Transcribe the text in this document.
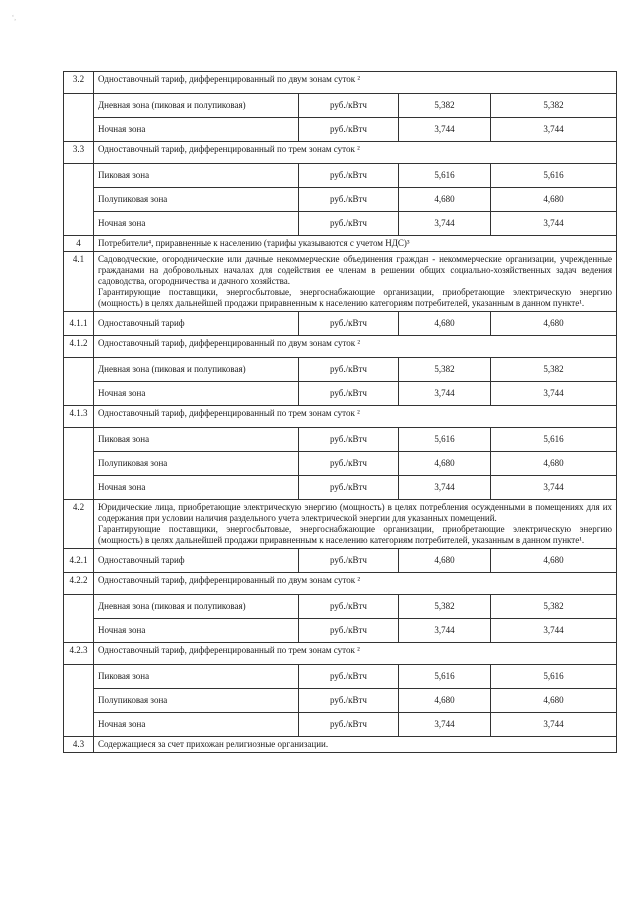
ʻ¸
3.2	Одноставочный тариф, дифференцированный по двум зонам суток ²			
	Дневная зона (пиковая и полупиковая)	руб./кВтч	5,382	5,382
	Ночная зона	руб./кВтч	3,744	3,744
3.3	Одноставочный тариф, дифференцированный по трем зонам суток ²			
	Пиковая зона	руб./кВтч	5,616	5,616
	Полупиковая зона	руб./кВтч	4,680	4,680
	Ночная зона	руб./кВтч	3,744	3,744
4	Потребители⁴, приравненные к населению (тарифы указываются с учетом НДС)³			
4.1	Садоводческие, огороднические или дачные некоммерческие объединения граждан - некоммерческие организации, учрежденные гражданами на добровольных началах для содействия ее членам в решении общих социально-хозяйственных задач ведения садоводства, огородничества и дачного хозяйства.
Гарантирующие поставщики, энергосбытовые, энергоснабжающие организации, приобретающие электрическую энергию (мощность) в целях дальнейшей продажи приравненным к населению категориям потребителей, указанным в данном пункте¹.			
4.1.1	Одноставочный тариф	руб./кВтч	4,680	4,680
4.1.2	Одноставочный тариф, дифференцированный по двум зонам суток ²			
	Дневная зона (пиковая и полупиковая)	руб./кВтч	5,382	5,382
	Ночная зона	руб./кВтч	3,744	3,744
4.1.3	Одноставочный тариф, дифференцированный по трем зонам суток ²			
	Пиковая зона	руб./кВтч	5,616	5,616
	Полупиковая зона	руб./кВтч	4,680	4,680
	Ночная зона	руб./кВтч	3,744	3,744
4.2	Юридические лица, приобретающие электрическую энергию (мощность) в целях потребления осужденными в помещениях для их содержания при условии наличия раздельного учета электрической энергии для указанных помещений.
Гарантирующие поставщики, энергосбытовые, энергоснабжающие организации, приобретающие электрическую энергию (мощность) в целях дальнейшей продажи приравненным к населению категориям потребителей, указанным в данном пункте¹.			
4.2.1	Одноставочный тариф	руб./кВтч	4,680	4,680
4.2.2	Одноставочный тариф, дифференцированный по двум зонам суток ²			
	Дневная зона (пиковая и полупиковая)	руб./кВтч	5,382	5,382
	Ночная зона	руб./кВтч	3,744	3,744
4.2.3	Одноставочный тариф, дифференцированный по трем зонам суток ²			
	Пиковая зона	руб./кВтч	5,616	5,616
	Полупиковая зона	руб./кВтч	4,680	4,680
	Ночная зона	руб./кВтч	3,744	3,744
4.3	Содержащиеся за счет прихожан религиозные организации.			
